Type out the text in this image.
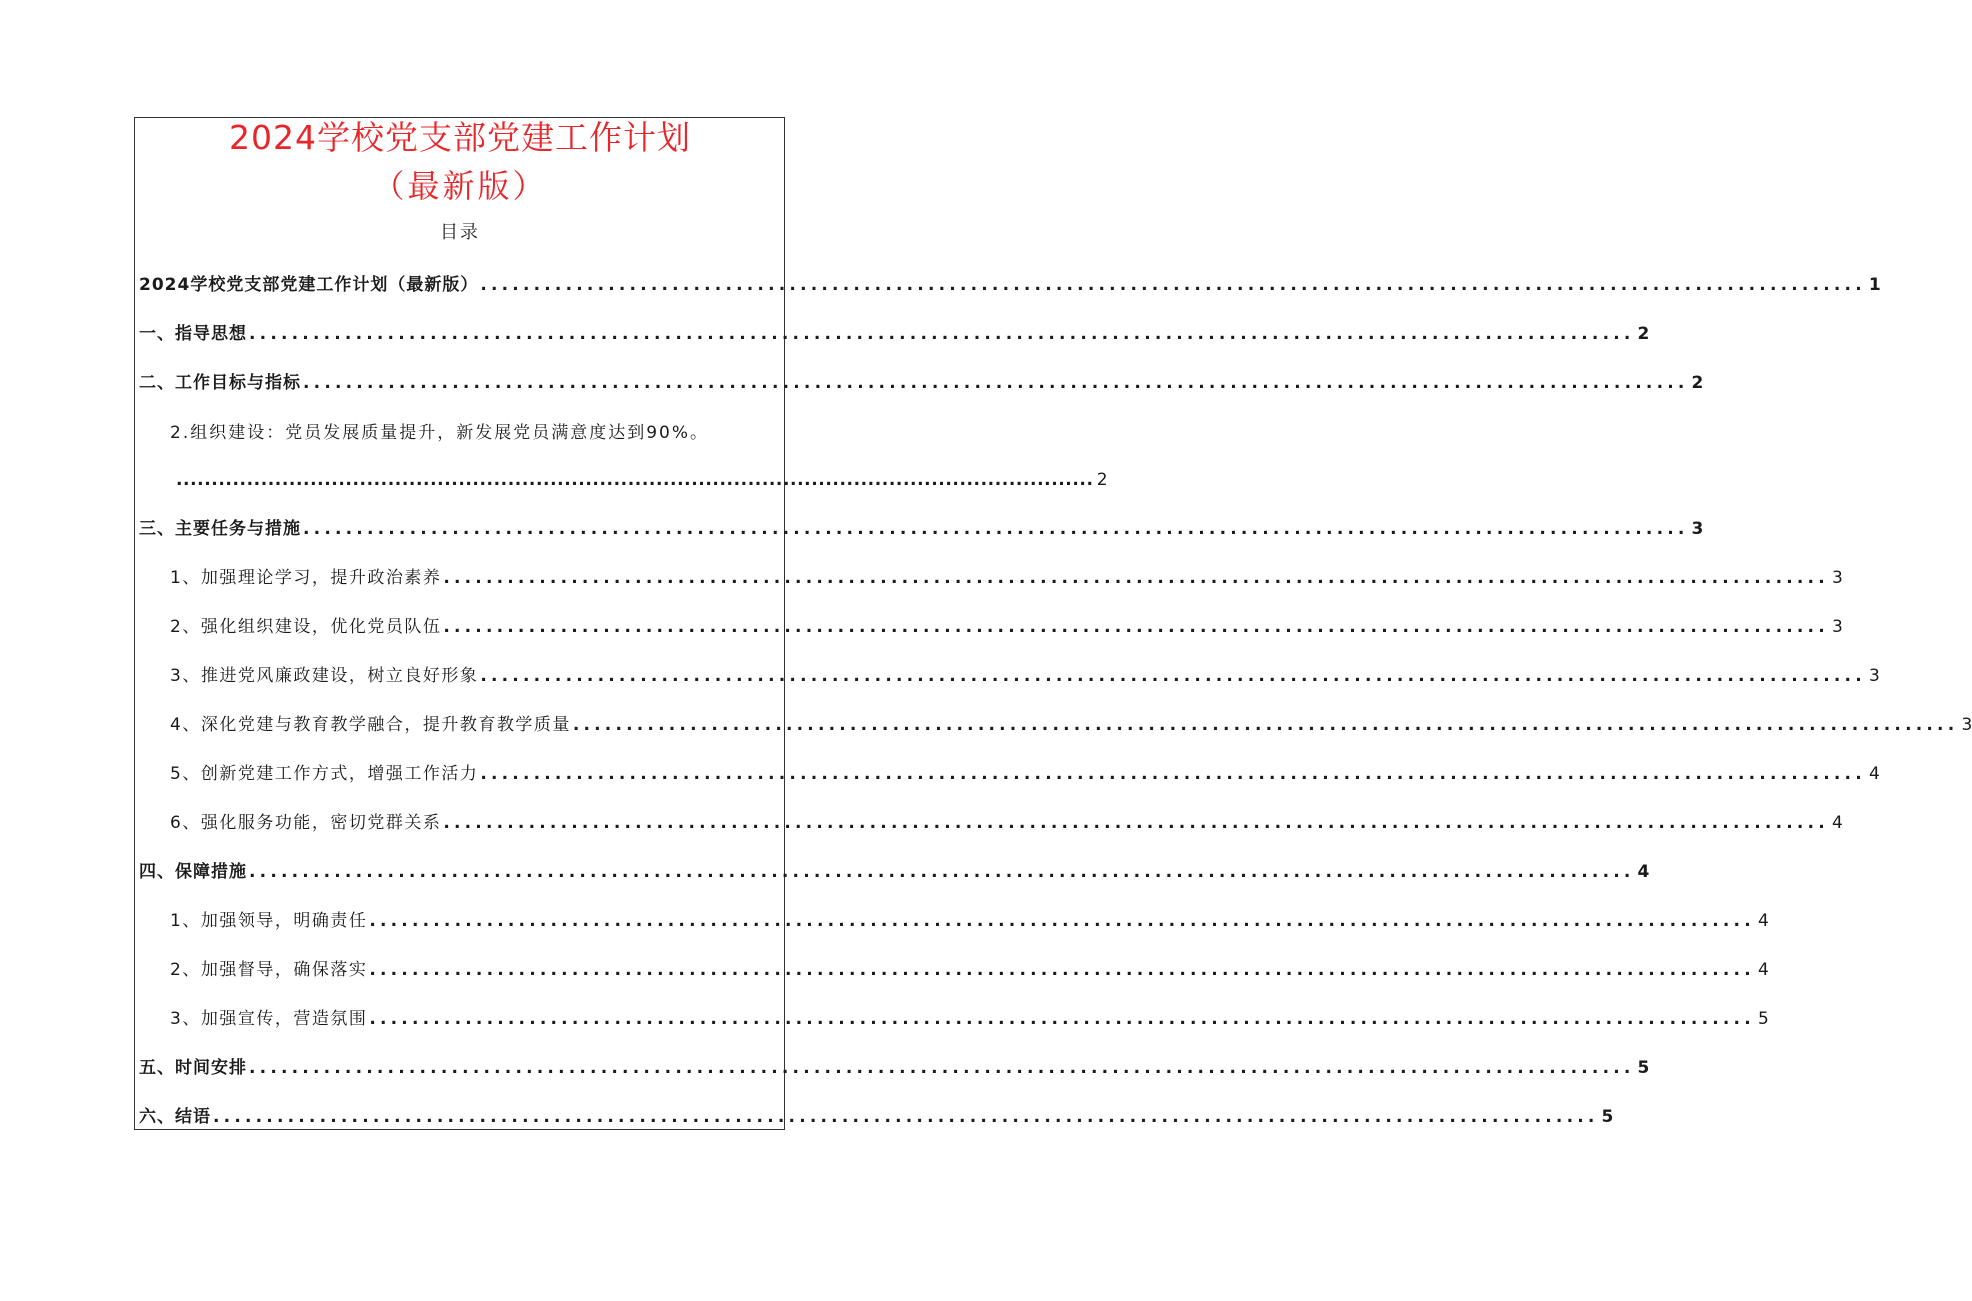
2024学校党支部党建工作计划
（最新版）
目录
2024学校党支部党建工作计划（最新版） .................................................................................................................................. 1
一、指导思想 .................................................................................................................................. 2
二、工作目标与指标 .................................................................................................................................. 2
2.组织建设：党员发展质量提升，新发展党员满意度达到90%。
.................................................................................................................................. 2
三、主要任务与措施 .................................................................................................................................. 3
1、加强理论学习，提升政治素养 .................................................................................................................................. 3
2、强化组织建设，优化党员队伍 .................................................................................................................................. 3
3、推进党风廉政建设，树立良好形象 .................................................................................................................................. 3
4、深化党建与教育教学融合，提升教育教学质量 .................................................................................................................................. 3
5、创新党建工作方式，增强工作活力 .................................................................................................................................. 4
6、强化服务功能，密切党群关系 .................................................................................................................................. 4
四、保障措施 .................................................................................................................................. 4
1、加强领导，明确责任 .................................................................................................................................. 4
2、加强督导，确保落实 .................................................................................................................................. 4
3、加强宣传，营造氛围 .................................................................................................................................. 5
五、时间安排 .................................................................................................................................. 5
六、结语 .................................................................................................................................. 5
